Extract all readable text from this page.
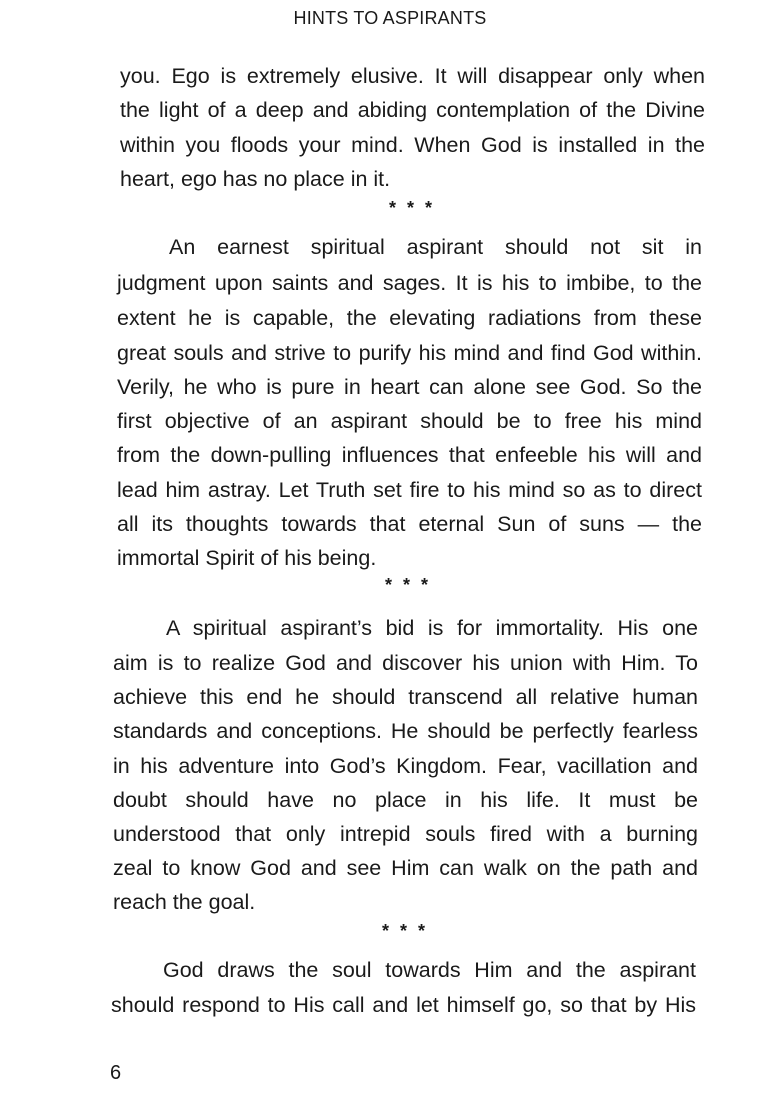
HINTS TO ASPIRANTS
you. Ego is extremely elusive. It will disappear only when
the light of a deep and abiding contemplation of the Divine
within you floods your mind. When God is installed in the
heart, ego has no place in it.
* * *
An earnest spiritual aspirant should not sit in
judgment upon saints and sages. It is his to imbibe, to the
extent he is capable, the elevating radiations from these
great souls and strive to purify his mind and find God within.
Verily, he who is pure in heart can alone see God. So the
first objective of an aspirant should be to free his mind
from the down-pulling influences that enfeeble his will and
lead him astray. Let Truth set fire to his mind so as to direct
all its thoughts towards that eternal Sun of suns — the
immortal Spirit of his being.
* * *
A spiritual aspirant’s bid is for immortality. His one
aim is to realize God and discover his union with Him. To
achieve this end he should transcend all relative human
standards and conceptions. He should be perfectly fearless
in his adventure into God’s Kingdom. Fear, vacillation and
doubt should have no place in his life. It must be
understood that only intrepid souls fired with a burning
zeal to know God and see Him can walk on the path and
reach the goal.
* * *
God draws the soul towards Him and the aspirant
should respond to His call and let himself go, so that by His
6
